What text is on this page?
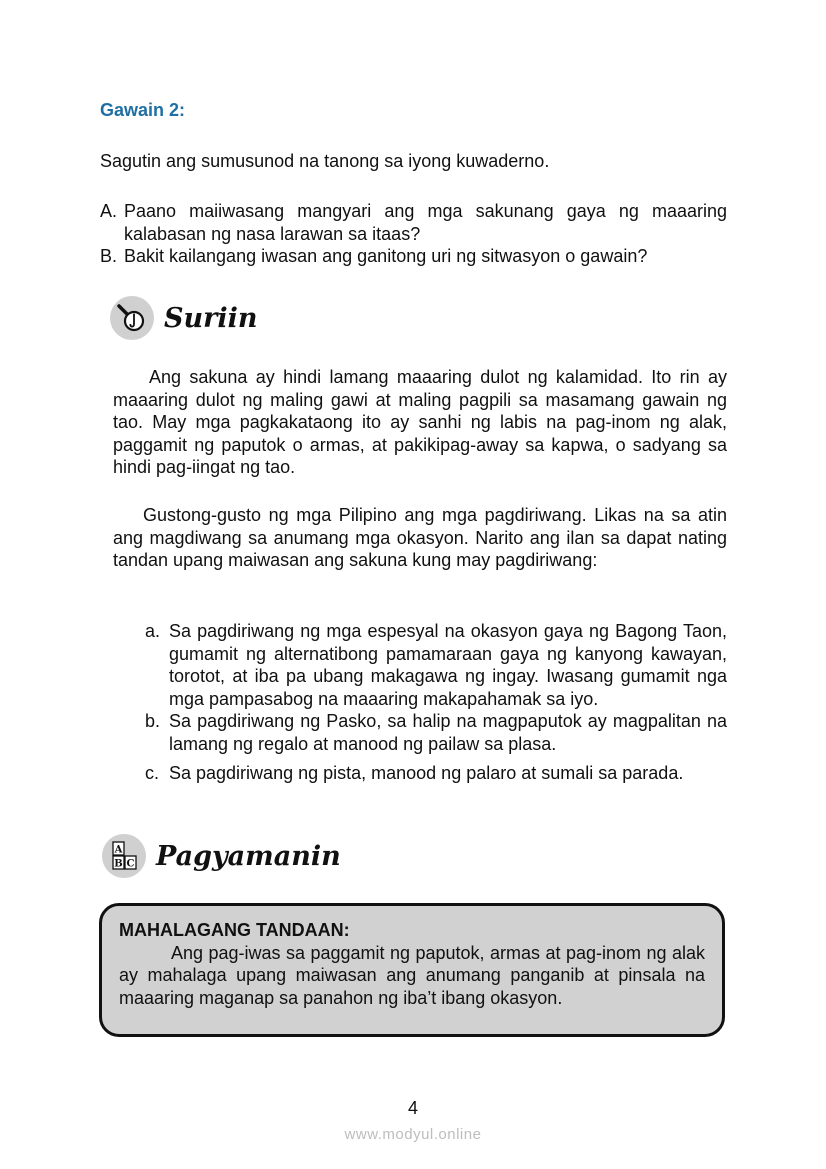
Gawain 2:
Sagutin ang sumusunod na tanong sa iyong kuwaderno.
A. Paano maiiwasang mangyari ang mga sakunang gaya ng maaaring kalabasan ng nasa larawan sa itaas?
B. Bakit kailangang iwasan ang ganitong uri ng sitwasyon o gawain?
Suriin
Ang sakuna ay hindi lamang maaaring dulot ng kalamidad. Ito rin ay maaaring dulot ng maling gawi at maling pagpili sa masamang gawain ng tao. May mga pagkakataong ito ay sanhi ng labis na pag-inom ng alak, paggamit ng paputok o armas, at pakikipag-away sa kapwa, o sadyang sa hindi pag-iingat ng tao.
Gustong-gusto ng mga Pilipino ang mga pagdiriwang. Likas na sa atin ang magdiwang sa anumang mga okasyon. Narito ang ilan sa dapat nating tandan upang maiwasan ang sakuna kung may pagdiriwang:
a. Sa pagdiriwang ng mga espesyal na okasyon gaya ng Bagong Taon, gumamit ng alternatibong pamamaraan gaya ng kanyong kawayan, torotot, at iba pa ubang makagawa ng ingay. Iwasang gumamit nga mga pampasabog na maaaring makapahamak sa iyo.
b. Sa pagdiriwang ng Pasko, sa halip na magpaputok ay magpalitan na lamang ng regalo at manood ng pailaw sa plasa.
c. Sa pagdiriwang ng pista, manood ng palaro at sumali sa parada.
A
B C Pagyamanin
MAHALAGANG TANDAAN:
Ang pag-iwas sa paggamit ng paputok, armas at pag-inom ng alak ay mahalaga upang maiwasan ang anumang panganib at pinsala na maaaring maganap sa panahon ng iba’t ibang okasyon.
4
www.modyul.online
